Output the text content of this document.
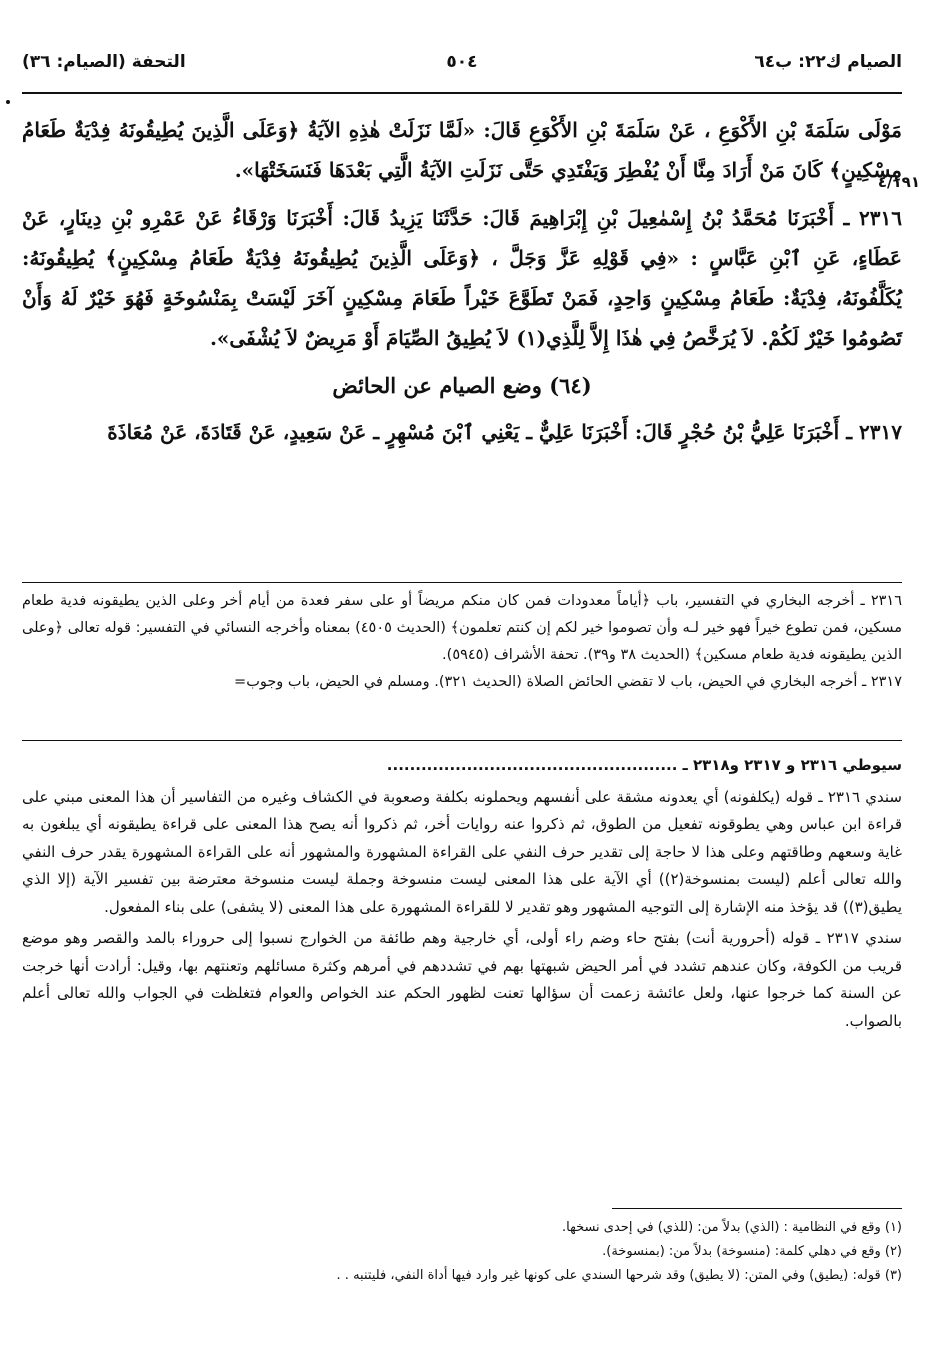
الصيام ك٢٢: ب٦٤
٥٠٤
التحفة (الصيام: ٣٦)
٤/١٩١

مَوْلَى سَلَمَةَ بْنِ الأَكْوَعِ ، عَنْ سَلَمَةَ بْنِ الأَكْوَعِ قَالَ: «لَمَّا نَزَلَتْ هٰذِهِ الآيَةُ ﴿وَعَلَى الَّذِينَ يُطِيقُونَهُ فِدْيَةٌ طَعَامُ مِسْكِينٍ﴾ كَانَ مَنْ أَرَادَ مِنَّا أَنْ يُفْطِرَ وَيَفْتَدِي حَتَّى نَزَلَتِ الآيَةُ الَّتِي بَعْدَهَا فَنَسَخَتْهَا».

٢٣١٦ ـ أَخْبَرَنَا مُحَمَّدُ بْنُ إِسْمٰعِيلَ بْنِ إِبْرَاهِيمَ قَالَ: حَدَّثَنَا يَزِيدُ قَالَ: أَخْبَرَنَا وَرْقَاءُ عَنْ عَمْرِو بْنِ دِينَارٍ، عَنْ عَطَاءٍ، عَنِ ٱبْنِ عَبَّاسٍ : «فِي قَوْلِهِ عَزَّ وَجَلَّ ، ﴿وَعَلَى الَّذِينَ يُطِيقُونَهُ فِدْيَةٌ طَعَامُ مِسْكِينٍ﴾ يُطِيقُونَهُ: يُكَلَّفُونَهُ، فِدْيَةٌ: طَعَامُ مِسْكِينٍ وَاحِدٍ، فَمَنْ تَطَوَّعَ خَيْراً طَعَامَ مِسْكِينٍ آخَرَ لَيْسَتْ بِمَنْسُوخَةٍ فَهُوَ خَيْرٌ لَهُ وَأَنْ تَصُومُوا خَيْرٌ لَكُمْ. لاَ يُرَخَّصُ فِي هٰذَا إِلاَّ لِلَّذِي(١) لاَ يُطِيقُ الصِّيَامَ أَوْ مَرِيضٌ لاَ يُشْفَى».

(٦٤) وضع الصيام عن الحائض

٢٣١٧ ـ أَخْبَرَنَا عَلِيُّ بْنُ حُجْرٍ قَالَ: أَخْبَرَنَا عَلِيٌّ ـ يَعْنِي ٱبْنَ مُسْهِرٍ ـ عَنْ سَعِيدٍ، عَنْ قَتَادَةَ، عَنْ مُعَاذَةَ

٢٣١٦ ـ أخرجه البخاري في التفسير، باب ﴿أياماً معدودات فمن كان منكم مريضاً أو على سفر فعدة من أيام أخر وعلى الذين يطيقونه فدية طعام مسكين، فمن تطوع خيراً فهو خير لـه وأن تصوموا خير لكم إن كنتم تعلمون﴾ (الحديث ٤٥٠٥) بمعناه وأخرجه النسائي في التفسير: قوله تعالى ﴿وعلى الذين يطيقونه فدية طعام مسكين﴾ (الحديث ٣٨ و٣٩). تحفة الأشراف (٥٩٤٥).

٢٣١٧ ـ أخرجه البخاري في الحيض، باب لا تقضي الحائض الصلاة (الحديث ٣٢١). ومسلم في الحيض، باب وجوب=

سيوطي ٢٣١٦ و ٢٣١٧ و٢٣١٨ ـ ...................................................

سندي ٢٣١٦ ـ قوله (يكلفونه) أي يعدونه مشقة على أنفسهم ويحملونه بكلفة وصعوبة في الكشاف وغيره من التفاسير أن هذا المعنى مبني على قراءة ابن عباس وهي يطوقونه تفعيل من الطوق، ثم ذكروا عنه روايات أخر، ثم ذكروا أنه يصح هذا المعنى على قراءة يطيقونه أي يبلغون به غاية وسعهم وطاقتهم وعلى هذا لا حاجة إلى تقدير حرف النفي على القراءة المشهورة والمشهور أنه على القراءة المشهورة يقدر حرف النفي والله تعالى أعلم (ليست بمنسوخة(٢)) أي الآية على هذا المعنى ليست منسوخة وجملة ليست منسوخة معترضة بين تفسير الآية (إلا الذي يطيق(٣)) قد يؤخذ منه الإشارة إلى التوجيه المشهور وهو تقدير لا للقراءة المشهورة على هذا المعنى (لا يشفى) على بناء المفعول.

سندي ٢٣١٧ ـ قوله (أحرورية أنت) بفتح حاء وضم راء أولى، أي خارجية وهم طائفة من الخوارج نسبوا إلى حروراء بالمد والقصر وهو موضع قريب من الكوفة، وكان عندهم تشدد في أمر الحيض شبهتها بهم في تشددهم في أمرهم وكثرة مسائلهم وتعنتهم بها، وقيل: أرادت أنها خرجت عن السنة كما خرجوا عنها، ولعل عائشة زعمت أن سؤالها تعنت لظهور الحكم عند الخواص والعوام فتغلظت في الجواب والله تعالى أعلم بالصواب.

(١) وقع في النظامية : (الذي) بدلاً من: (للذي) في إحدى نسخها.

(٢) وقع في دهلي كلمة: (منسوخة) بدلاً من: (بمنسوخة).

(٣) قوله: (يطيق) وفي المتن: (لا يطيق) وقد شرحها السندي على كونها غير وارد فيها أداة النفي، فليتنبه . .
